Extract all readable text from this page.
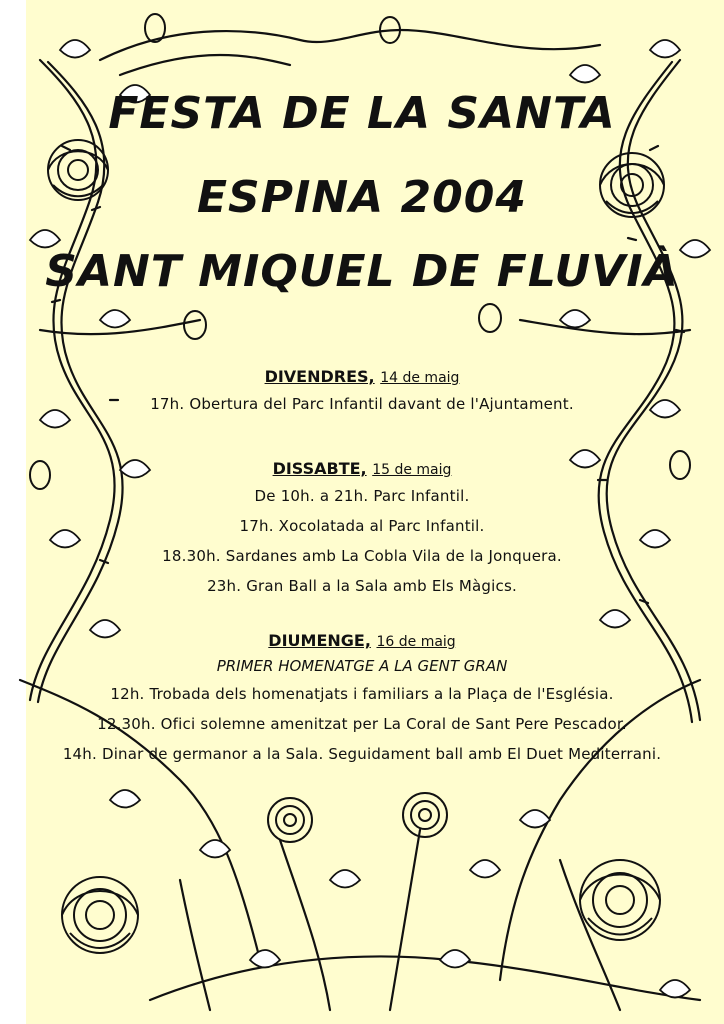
FESTA DE LA SANTA
ESPINA 2004
SANT MIQUEL DE FLUVIÀ
DIVENDRES, 14 de maig
17h. Obertura del Parc Infantil davant de l'Ajuntament.
DISSABTE, 15 de maig
De 10h. a 21h. Parc Infantil.
17h. Xocolatada al Parc Infantil.
18.30h. Sardanes amb La Cobla Vila de la Jonquera.
23h. Gran Ball a la Sala amb Els Màgics.
DIUMENGE, 16 de maig
PRIMER HOMENATGE A LA GENT GRAN
12h. Trobada dels homenatjats i familiars a la Plaça de l'Església.
12.30h. Ofici solemne amenitzat per La Coral de Sant Pere Pescador.
14h. Dinar de germanor a la Sala. Seguidament ball amb El Duet Mediterrani.
